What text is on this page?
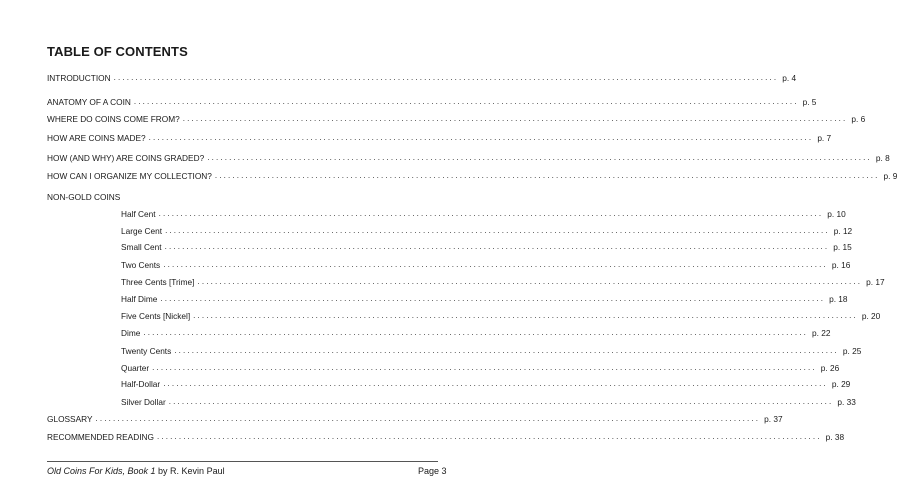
TABLE OF CONTENTS
INTRODUCTION ........................................................................................................................................................ p. 4
ANATOMY OF A COIN ........................................................................................................................................................ p. 5
WHERE DO COINS COME FROM? ........................................................................................................................................................ p. 6
HOW ARE COINS MADE? ........................................................................................................................................................ p. 7
HOW (AND WHY) ARE COINS GRADED? ........................................................................................................................................................ p. 8
HOW CAN I ORGANIZE MY COLLECTION? ........................................................................................................................................................ p. 9
NON-GOLD COINS
Half Cent ........................................................................................................................................................ p. 10
Large Cent ........................................................................................................................................................ p. 12
Small Cent ........................................................................................................................................................ p. 15
Two Cents ........................................................................................................................................................ p. 16
Three Cents [Trime] ........................................................................................................................................................ p. 17
Half Dime ........................................................................................................................................................ p. 18
Five Cents [Nickel] ........................................................................................................................................................ p. 20
Dime ........................................................................................................................................................ p. 22
Twenty Cents ........................................................................................................................................................ p. 25
Quarter ........................................................................................................................................................ p. 26
Half-Dollar ........................................................................................................................................................ p. 29
Silver Dollar ........................................................................................................................................................ p. 33
GLOSSARY ........................................................................................................................................................ p. 37
RECOMMENDED READING ........................................................................................................................................................ p. 38
Old Coins For Kids, Book 1 by R. Kevin Paul	Page 3
